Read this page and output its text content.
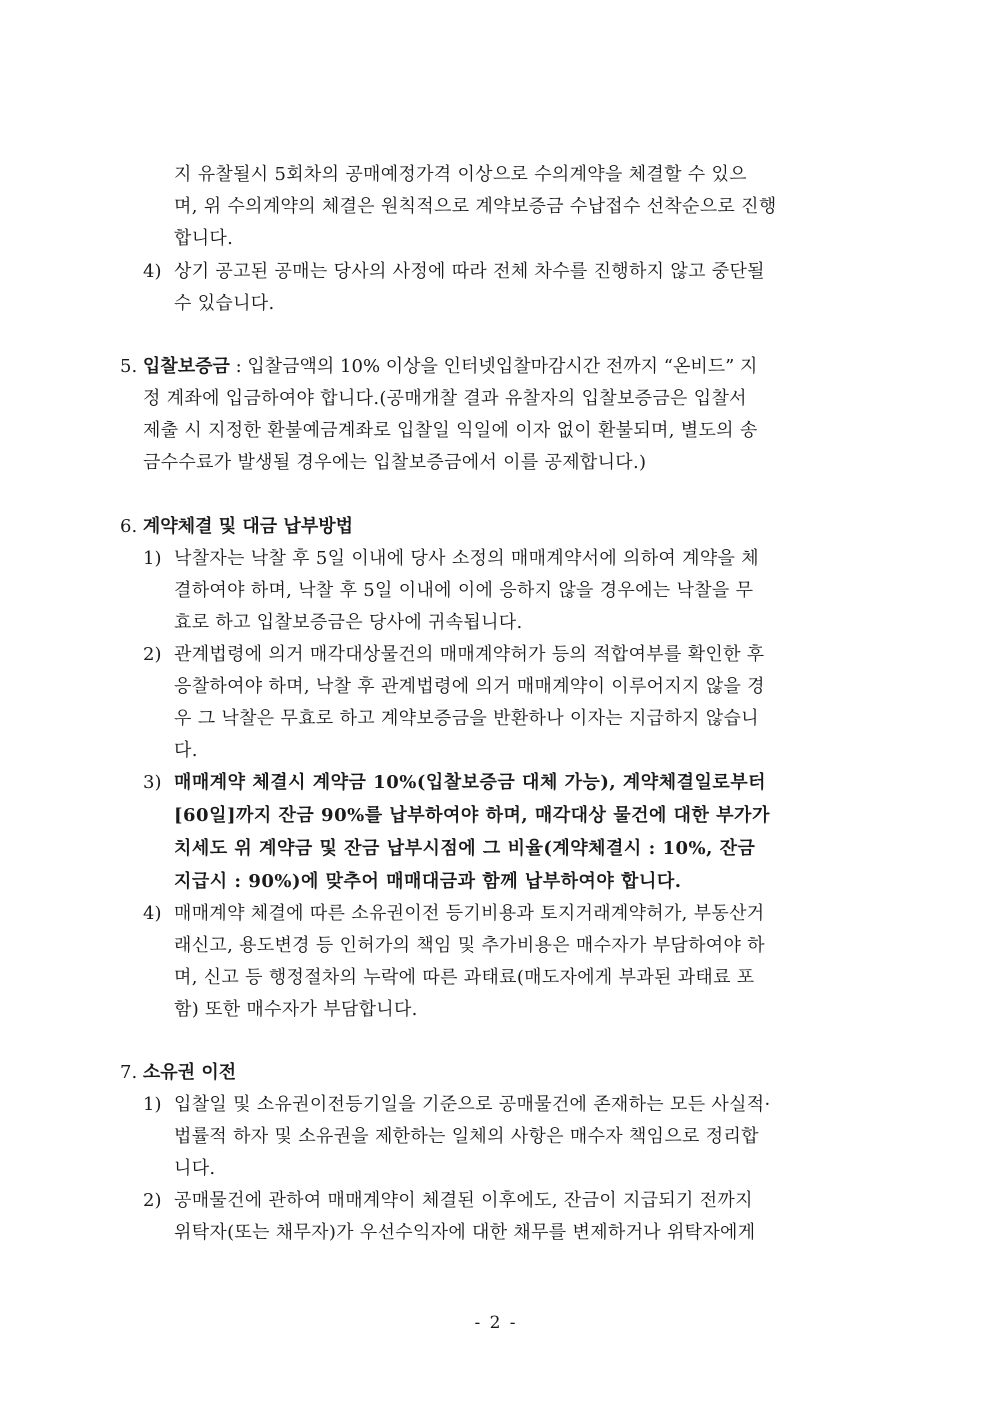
지 유찰될시 5회차의 공매예정가격 이상으로 수의계약을 체결할 수 있으
며, 위 수의계약의 체결은 원칙적으로 계약보증금 수납접수 선착순으로 진행
합니다.
4) 상기 공고된 공매는 당사의 사정에 따라 전체 차수를 진행하지 않고 중단될
수 있습니다.
5. 입찰보증금 : 입찰금액의 10% 이상을 인터넷입찰마감시간 전까지 “온비드” 지
정 계좌에 입금하여야 합니다.(공매개찰 결과 유찰자의 입찰보증금은 입찰서
제출 시 지정한 환불예금계좌로 입찰일 익일에 이자 없이 환불되며, 별도의 송
금수수료가 발생될 경우에는 입찰보증금에서 이를 공제합니다.)
6. 계약체결 및 대금 납부방법
1) 낙찰자는 낙찰 후 5일 이내에 당사 소정의 매매계약서에 의하여 계약을 체
결하여야 하며, 낙찰 후 5일 이내에 이에 응하지 않을 경우에는 낙찰을 무
효로 하고 입찰보증금은 당사에 귀속됩니다.
2) 관계법령에 의거 매각대상물건의 매매계약허가 등의 적합여부를 확인한 후
응찰하여야 하며, 낙찰 후 관계법령에 의거 매매계약이 이루어지지 않을 경
우 그 낙찰은 무효로 하고 계약보증금을 반환하나 이자는 지급하지 않습니
다.
3) 매매계약 체결시 계약금 10%(입찰보증금 대체 가능), 계약체결일로부터
[60일]까지 잔금 90%를 납부하여야 하며, 매각대상 물건에 대한 부가가
치세도 위 계약금 및 잔금 납부시점에 그 비율(계약체결시 : 10%, 잔금
지급시 : 90%)에 맞추어 매매대금과 함께 납부하여야 합니다.
4) 매매계약 체결에 따른 소유권이전 등기비용과 토지거래계약허가, 부동산거
래신고, 용도변경 등 인허가의 책임 및 추가비용은 매수자가 부담하여야 하
며, 신고 등 행정절차의 누락에 따른 과태료(매도자에게 부과된 과태료 포
함) 또한 매수자가 부담합니다.
7. 소유권 이전
1) 입찰일 및 소유권이전등기일을 기준으로 공매물건에 존재하는 모든 사실적·
법률적 하자 및 소유권을 제한하는 일체의 사항은 매수자 책임으로 정리합
니다.
2) 공매물건에 관하여 매매계약이 체결된 이후에도, 잔금이 지급되기 전까지
위탁자(또는 채무자)가 우선수익자에 대한 채무를 변제하거나 위탁자에게
- 2 -
